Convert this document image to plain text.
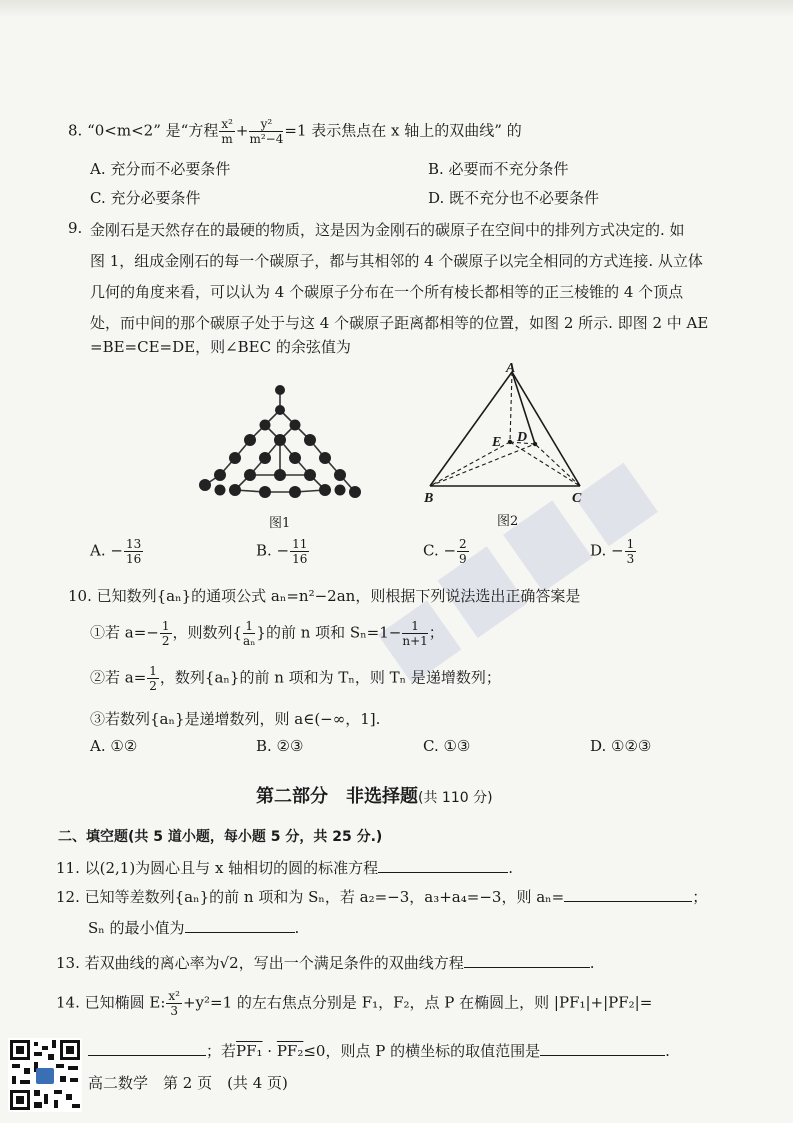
8. “0<m<2” 是“方程 $\frac{\text{x²}}{m} + \frac{\text{y²}}{\text{m²−4}} =1$ 表示焦点在 x 轴上的双曲线” 的
A. 充分而不必要条件	B. 必要而不充分条件
C. 充分必要条件	D. 既不充分也不必要条件
9. 金刚石是天然存在的最硬的物质，这是因为金刚石的碳原子在空间中的排列方式决定的. 如
图 1，组成金刚石的每一个碳原子，都与其相邻的 4 个碳原子以完全相同的方式连接. 从立体
几何的角度来看，可以认为 4 个碳原子分布在一个所有棱长都相等的正三棱锥的 4 个顶点
处，而中间的那个碳原子处于与这 4 个碳原子距离都相等的位置，如图 2 所示. 即图 2 中 AE
=BE=CE=DE，则∠BEC 的余弦值为
图1
A
B	C
D
E
图2
A. − $\frac{13}{16}$	B. − $\frac{11}{16}$	C. − $\frac{2}{9}$	D. − $\frac{1}{3}$
10. 已知数列{aₙ}的通项公式 aₙ=n²−2an，则根据下列说法选出正确答案是
①若 $a=- \frac{1}{2}$ ，则数列{ $\frac{1}{\text{aₙ}}$ }的前 n 项和 $S_n=1- \frac{1}{n+1}$ ；
②若 $a= \frac{1}{2}$ ，数列{aₙ}的前 n 项和为 Tₙ，则 Tₙ 是递增数列；
③若数列{aₙ}是递增数列，则 a∈(−∞，1].
A. ①②	B. ②③	C. ①③	D. ①②③
第二部分　非选择题(共 110 分)
二、填空题(共 5 道小题，每小题 5 分，共 25 分.)
11. 以(2,1)为圆心且与 x 轴相切的圆的标准方程	.
12. 已知等差数列{aₙ}的前 n 项和为 Sₙ，若 a₂=−3，a₃+a₄=−3，则 aₙ=	；
Sₙ 的最小值为	.
13. 若双曲线的离心率为√2，写出一个满足条件的双曲线方程	.
14. 已知椭圆 E: $\frac{\text{x²}}{3} +y^2=1$ 的左右焦点分别是 F₁，F₂，点 P 在椭圆上，则 |PF₁|+|PF₂|=
；若PF₁ · PF₂≤0，则点 P 的横坐标的取值范围是	.
高二数学　第 2 页　(共 4 页)
